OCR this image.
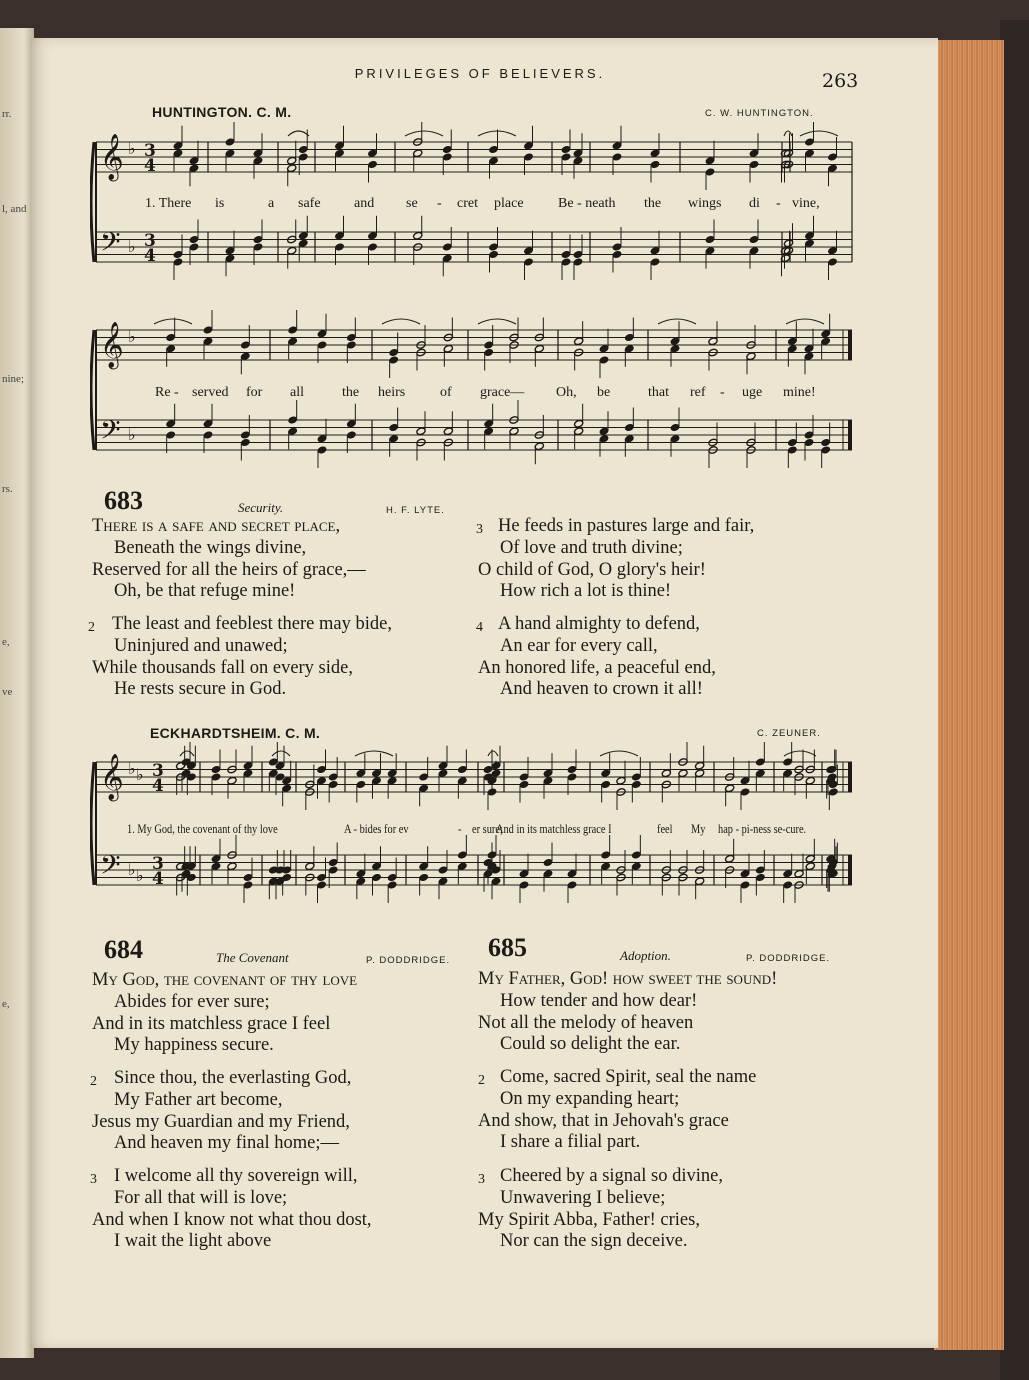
rr.
l, and
nine;
rs.
e,
ve
e,
PRIVILEGES OF BELIEVERS.	263
HUNTINGTON. C. M.	C. W. HUNTINGTON.
𝄞
𝄢
♭
♭
3
4
3
4
1. There is	a safe and se - cret place Be - neath the wings di - vine,
𝄞
𝄢
♭
♭
Re - served for all	the heirs of grace— Oh, be	that ref - uge mine!
683	Security.	H. F. LYTE.
There is a safe and secret place,
Beneath the wings divine,
Reserved for all the heirs of grace,—
Oh, be that refuge mine!
2 The least and feeblest there may bide,
Uninjured and unawed;
While thousands fall on every side,
He rests secure in God.
3 He feeds in pastures large and fair,
Of love and truth divine;
O child of God, O glory's heir!
How rich a lot is thine!
4 A hand almighty to defend,
An ear for every call,
An honored life, a peaceful end,
And heaven to crown it all!
ECKHARDTSHEIM. C. M.	C. ZEUNER.
𝄞
𝄢
♭
♭
♭
♭
3
4
3
4
1. My God, the covenant of thy love	A - bides for ev	- er sure;
And in its matchless grace I	feel My hap - pi-ness se-cure.
684	The Covenant	P. DODDRIDGE.
My God, the covenant of thy love
Abides for ever sure;
And in its matchless grace I feel
My happiness secure.
2 Since thou, the everlasting God,
My Father art become,
Jesus my Guardian and my Friend,
And heaven my final home;—
3 I welcome all thy sovereign will,
For all that will is love;
And when I know not what thou dost,
I wait the light above
685	Adoption.	P. DODDRIDGE.
My Father, God! how sweet the sound!
How tender and how dear!
Not all the melody of heaven
Could so delight the ear.
2 Come, sacred Spirit, seal the name
On my expanding heart;
And show, that in Jehovah's grace
I share a filial part.
3 Cheered by a signal so divine,
Unwavering I believe;
My Spirit Abba, Father! cries,
Nor can the sign deceive.
